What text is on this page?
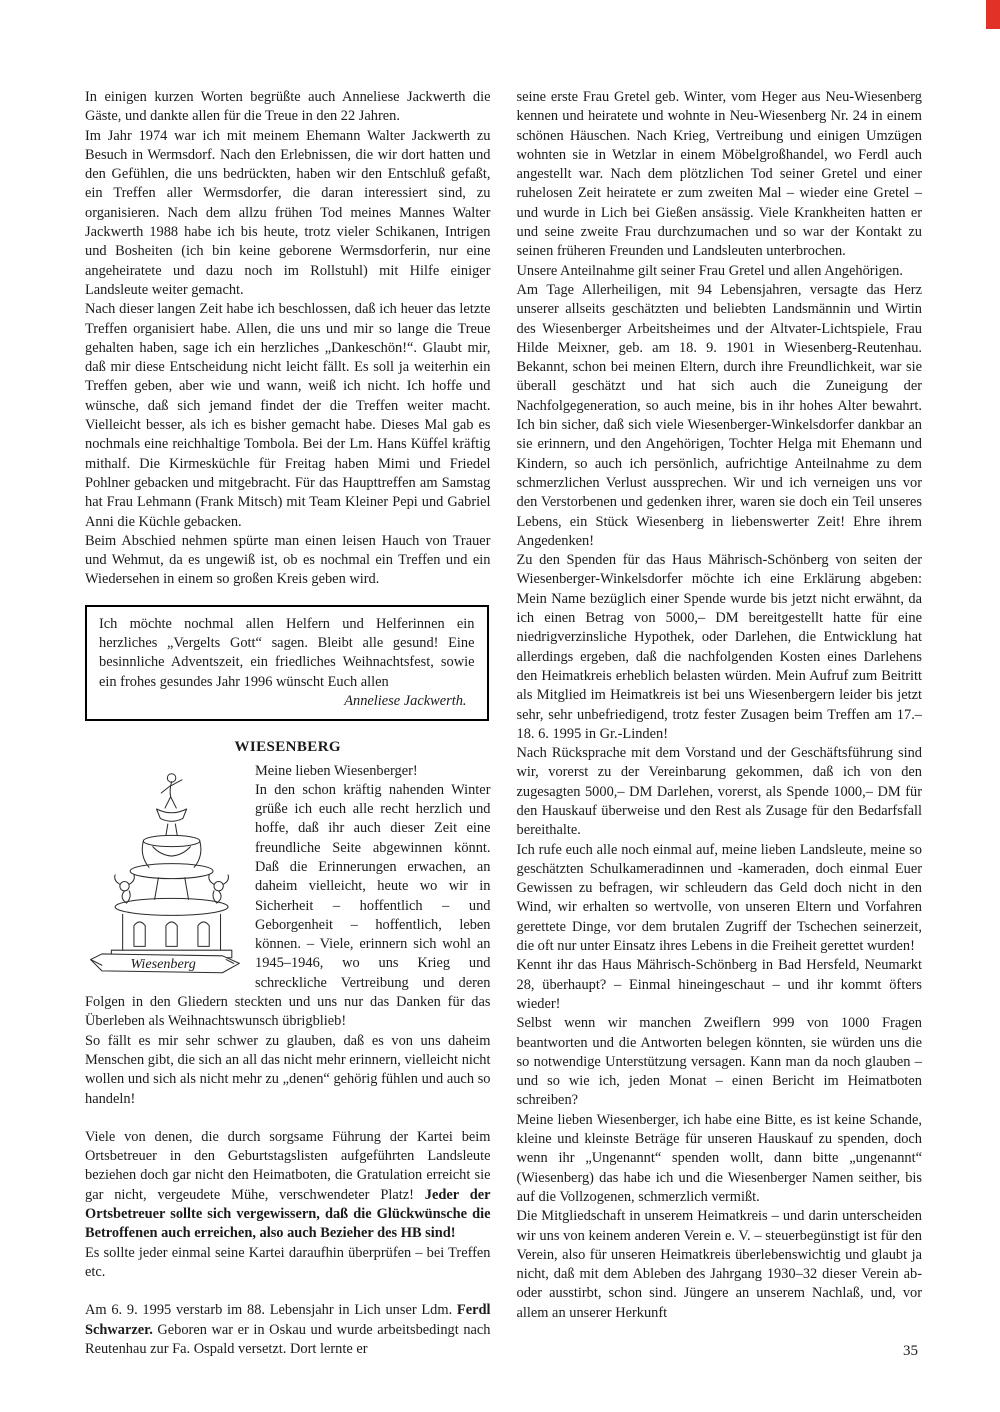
In einigen kurzen Worten begrüßte auch Anneliese Jackwerth die Gäste, und dankte allen für die Treue in den 22 Jahren.

Im Jahr 1974 war ich mit meinem Ehemann Walter Jackwerth zu Besuch in Wermsdorf. Nach den Erlebnissen, die wir dort hatten und den Gefühlen, die uns bedrückten, haben wir den Entschluß gefaßt, ein Treffen aller Wermsdorfer, die daran interessiert sind, zu organisieren. Nach dem allzu frühen Tod meines Mannes Walter Jackwerth 1988 habe ich bis heute, trotz vieler Schikanen, Intrigen und Bosheiten (ich bin keine geborene Wermsdorferin, nur eine angeheiratete und dazu noch im Rollstuhl) mit Hilfe einiger Landsleute weiter gemacht.

Nach dieser langen Zeit habe ich beschlossen, daß ich heuer das letzte Treffen organisiert habe. Allen, die uns und mir so lange die Treue gehalten haben, sage ich ein herzliches „Dankeschön!“. Glaubt mir, daß mir diese Entscheidung nicht leicht fällt. Es soll ja weiterhin ein Treffen geben, aber wie und wann, weiß ich nicht. Ich hoffe und wünsche, daß sich jemand findet der die Treffen weiter macht. Vielleicht besser, als ich es bisher gemacht habe. Dieses Mal gab es nochmals eine reichhaltige Tombola. Bei der Lm. Hans Küffel kräftig mithalf. Die Kirmesküchle für Freitag haben Mimi und Friedel Pohlner gebacken und mitgebracht. Für das Haupttreffen am Samstag hat Frau Lehmann (Frank Mitsch) mit Team Kleiner Pepi und Gabriel Anni die Küchle gebacken.

Beim Abschied nehmen spürte man einen leisen Hauch von Trauer und Wehmut, da es ungewiß ist, ob es nochmal ein Treffen und ein Wiedersehen in einem so großen Kreis geben wird.

Ich möchte nochmal allen Helfern und Helferinnen ein herzliches „Vergelts Gott“ sagen. Bleibt alle gesund! Eine besinnliche Adventszeit, ein friedliches Weihnachtsfest, sowie ein frohes gesundes Jahr 1996 wünscht Euch allen

Anneliese Jackwerth.

WIESENBERG

Wiesenberg

Meine lieben Wiesenberger!

In den schon kräftig nahenden Winter grüße ich euch alle recht herzlich und hoffe, daß ihr auch dieser Zeit eine freundliche Seite abgewinnen könnt. Daß die Erinnerungen erwachen, an daheim vielleicht, heute wo wir in Sicherheit – hoffentlich – und Geborgenheit – hoffentlich, leben können. – Viele, erinnern sich wohl an 1945–1946, wo uns Krieg und schreckliche Vertreibung und deren Folgen in den Gliedern steckten und uns nur das Danken für das Überleben als Weihnachtswunsch übrigblieb!

So fällt es mir sehr schwer zu glauben, daß es von uns daheim Menschen gibt, die sich an all das nicht mehr erinnern, vielleicht nicht wollen und sich als nicht mehr zu „denen“ gehörig fühlen und auch so handeln!

Viele von denen, die durch sorgsame Führung der Kartei beim Ortsbetreuer in den Geburtstagslisten aufgeführten Landsleute beziehen doch gar nicht den Heimatboten, die Gratulation erreicht sie gar nicht, vergeudete Mühe, verschwendeter Platz! Jeder der Ortsbetreuer sollte sich vergewissern, daß die Glückwünsche die Betroffenen auch erreichen, also auch Bezieher des HB sind!

Es sollte jeder einmal seine Kartei daraufhin überprüfen – bei Treffen etc.

Am 6. 9. 1995 verstarb im 88. Lebensjahr in Lich unser Ldm. Ferdl Schwarzer. Geboren war er in Oskau und wurde arbeitsbedingt nach Reutenhau zur Fa. Ospald versetzt. Dort lernte er

seine erste Frau Gretel geb. Winter, vom Heger aus Neu-Wiesenberg kennen und heiratete und wohnte in Neu-Wiesenberg Nr. 24 in einem schönen Häuschen. Nach Krieg, Vertreibung und einigen Umzügen wohnten sie in Wetzlar in einem Möbelgroßhandel, wo Ferdl auch angestellt war. Nach dem plötzlichen Tod seiner Gretel und einer ruhelosen Zeit heiratete er zum zweiten Mal – wieder eine Gretel – und wurde in Lich bei Gießen ansässig. Viele Krankheiten hatten er und seine zweite Frau durchzumachen und so war der Kontakt zu seinen früheren Freunden und Landsleuten unterbrochen.

Unsere Anteilnahme gilt seiner Frau Gretel und allen Angehörigen.

Am Tage Allerheiligen, mit 94 Lebensjahren, versagte das Herz unserer allseits geschätzten und beliebten Landsmännin und Wirtin des Wiesenberger Arbeitsheimes und der Altvater-Lichtspiele, Frau Hilde Meixner, geb. am 18. 9. 1901 in Wiesenberg-Reutenhau. Bekannt, schon bei meinen Eltern, durch ihre Freundlichkeit, war sie überall geschätzt und hat sich auch die Zuneigung der Nachfolgegeneration, so auch meine, bis in ihr hohes Alter bewahrt. Ich bin sicher, daß sich viele Wiesenberger-Winkelsdorfer dankbar an sie erinnern, und den Angehörigen, Tochter Helga mit Ehemann und Kindern, so auch ich persönlich, aufrichtige Anteilnahme zu dem schmerzlichen Verlust aussprechen. Wir und ich verneigen uns vor den Verstorbenen und gedenken ihrer, waren sie doch ein Teil unseres Lebens, ein Stück Wiesenberg in liebenswerter Zeit! Ehre ihrem Angedenken!

Zu den Spenden für das Haus Mährisch-Schönberg von seiten der Wiesenberger-Winkelsdorfer möchte ich eine Erklärung abgeben: Mein Name bezüglich einer Spende wurde bis jetzt nicht erwähnt, da ich einen Betrag von 5000,– DM bereitgestellt hatte für eine niedrigverzinsliche Hypothek, oder Darlehen, die Entwicklung hat allerdings ergeben, daß die nachfolgenden Kosten eines Darlehens den Heimatkreis erheblich belasten würden. Mein Aufruf zum Beitritt als Mitglied im Heimatkreis ist bei uns Wiesenbergern leider bis jetzt sehr, sehr unbefriedigend, trotz fester Zusagen beim Treffen am 17.–18. 6. 1995 in Gr.-Linden!

Nach Rücksprache mit dem Vorstand und der Geschäftsführung sind wir, vorerst zu der Vereinbarung gekommen, daß ich von den zugesagten 5000,– DM Darlehen, vorerst, als Spende 1000,– DM für den Hauskauf überweise und den Rest als Zusage für den Bedarfsfall bereithalte.

Ich rufe euch alle noch einmal auf, meine lieben Landsleute, meine so geschätzten Schulkameradinnen und -kameraden, doch einmal Euer Gewissen zu befragen, wir schleudern das Geld doch nicht in den Wind, wir erhalten so wertvolle, von unseren Eltern und Vorfahren gerettete Dinge, vor dem brutalen Zugriff der Tschechen seinerzeit, die oft nur unter Einsatz ihres Lebens in die Freiheit gerettet wurden!

Kennt ihr das Haus Mährisch-Schönberg in Bad Hersfeld, Neumarkt 28, überhaupt? – Einmal hineingeschaut – und ihr kommt öfters wieder!

Selbst wenn wir manchen Zweiflern 999 von 1000 Fragen beantworten und die Antworten belegen könnten, sie würden uns die so notwendige Unterstützung versagen. Kann man da noch glauben – und so wie ich, jeden Monat – einen Bericht im Heimatboten schreiben?

Meine lieben Wiesenberger, ich habe eine Bitte, es ist keine Schande, kleine und kleinste Beträge für unseren Hauskauf zu spenden, doch wenn ihr „Ungenannt“ spenden wollt, dann bitte „ungenannt“ (Wiesenberg) das habe ich und die Wiesenberger Namen seither, bis auf die Vollzogenen, schmerzlich vermißt.

Die Mitgliedschaft in unserem Heimatkreis – und darin unterscheiden wir uns von keinem anderen Verein e. V. – steuerbegünstigt ist für den Verein, also für unseren Heimatkreis überlebenswichtig und glaubt ja nicht, daß mit dem Ableben des Jahrgang 1930–32 dieser Verein ab- oder ausstirbt, schon sind. Jüngere an unserem Nachlaß, und, vor allem an unserer Herkunft

35
